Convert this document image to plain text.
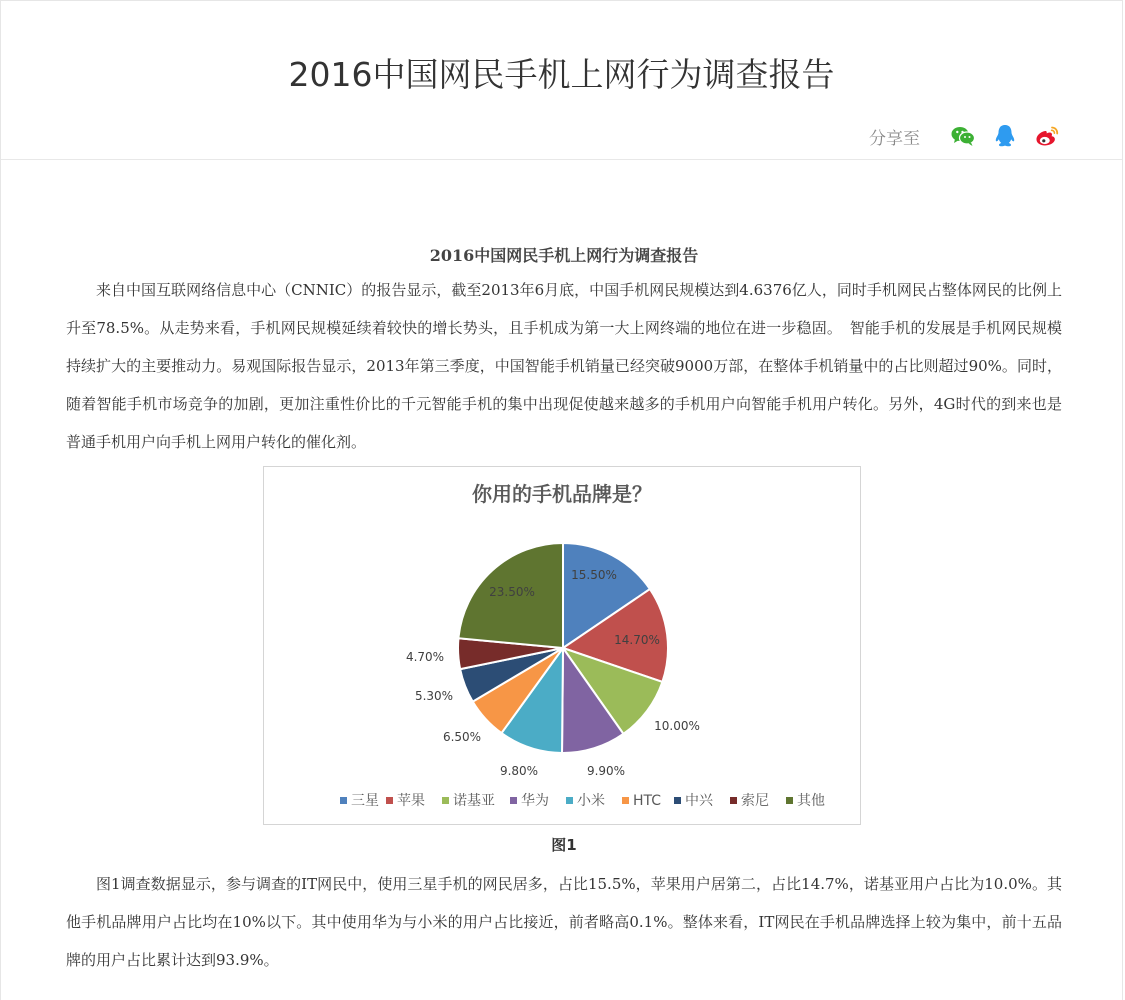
2016中国网民手机上网行为调查报告
分享至
2016中国网民手机上网行为调查报告

来自中国互联网络信息中心（CNNIC）的报告显示，截至2013年6月底，中国手机网民规模达到4.6376亿人，同时手机网民占整体网民的比例上升至78.5%。从走势来看，手机网民规模延续着较快的增长势头，且手机成为第一大上网终端的地位在进一步稳固。　智能手机的发展是手机网民规模持续扩大的主要推动力。易观国际报告显示，2013年第三季度，中国智能手机销量已经突破9000万部，在整体手机销量中的占比则超过90%。同时，随着智能手机市场竞争的加剧，更加注重性价比的千元智能手机的集中出现促使越来越多的手机用户向智能手机用户转化。另外，4G时代的到来也是普通手机用户向手机上网用户转化的催化剂。

你用的手机品牌是？
15.50%
14.70%
10.00%
9.90%
9.80%
6.50%
5.30%
4.70%
23.50%
三星 苹果 诺基亚 华为 小米 HTC 中兴 索尼 其他
图1

图1调查数据显示，参与调查的IT网民中，使用三星手机的网民居多，占比15.5%，苹果用户居第二，占比14.7%，诺基亚用户占比为10.0%。其他手机品牌用户占比均在10%以下。其中使用华为与小米的用户占比接近，前者略高0.1%。整体来看，IT网民在手机品牌选择上较为集中，前十五品牌的用户占比累计达到93.9%。
